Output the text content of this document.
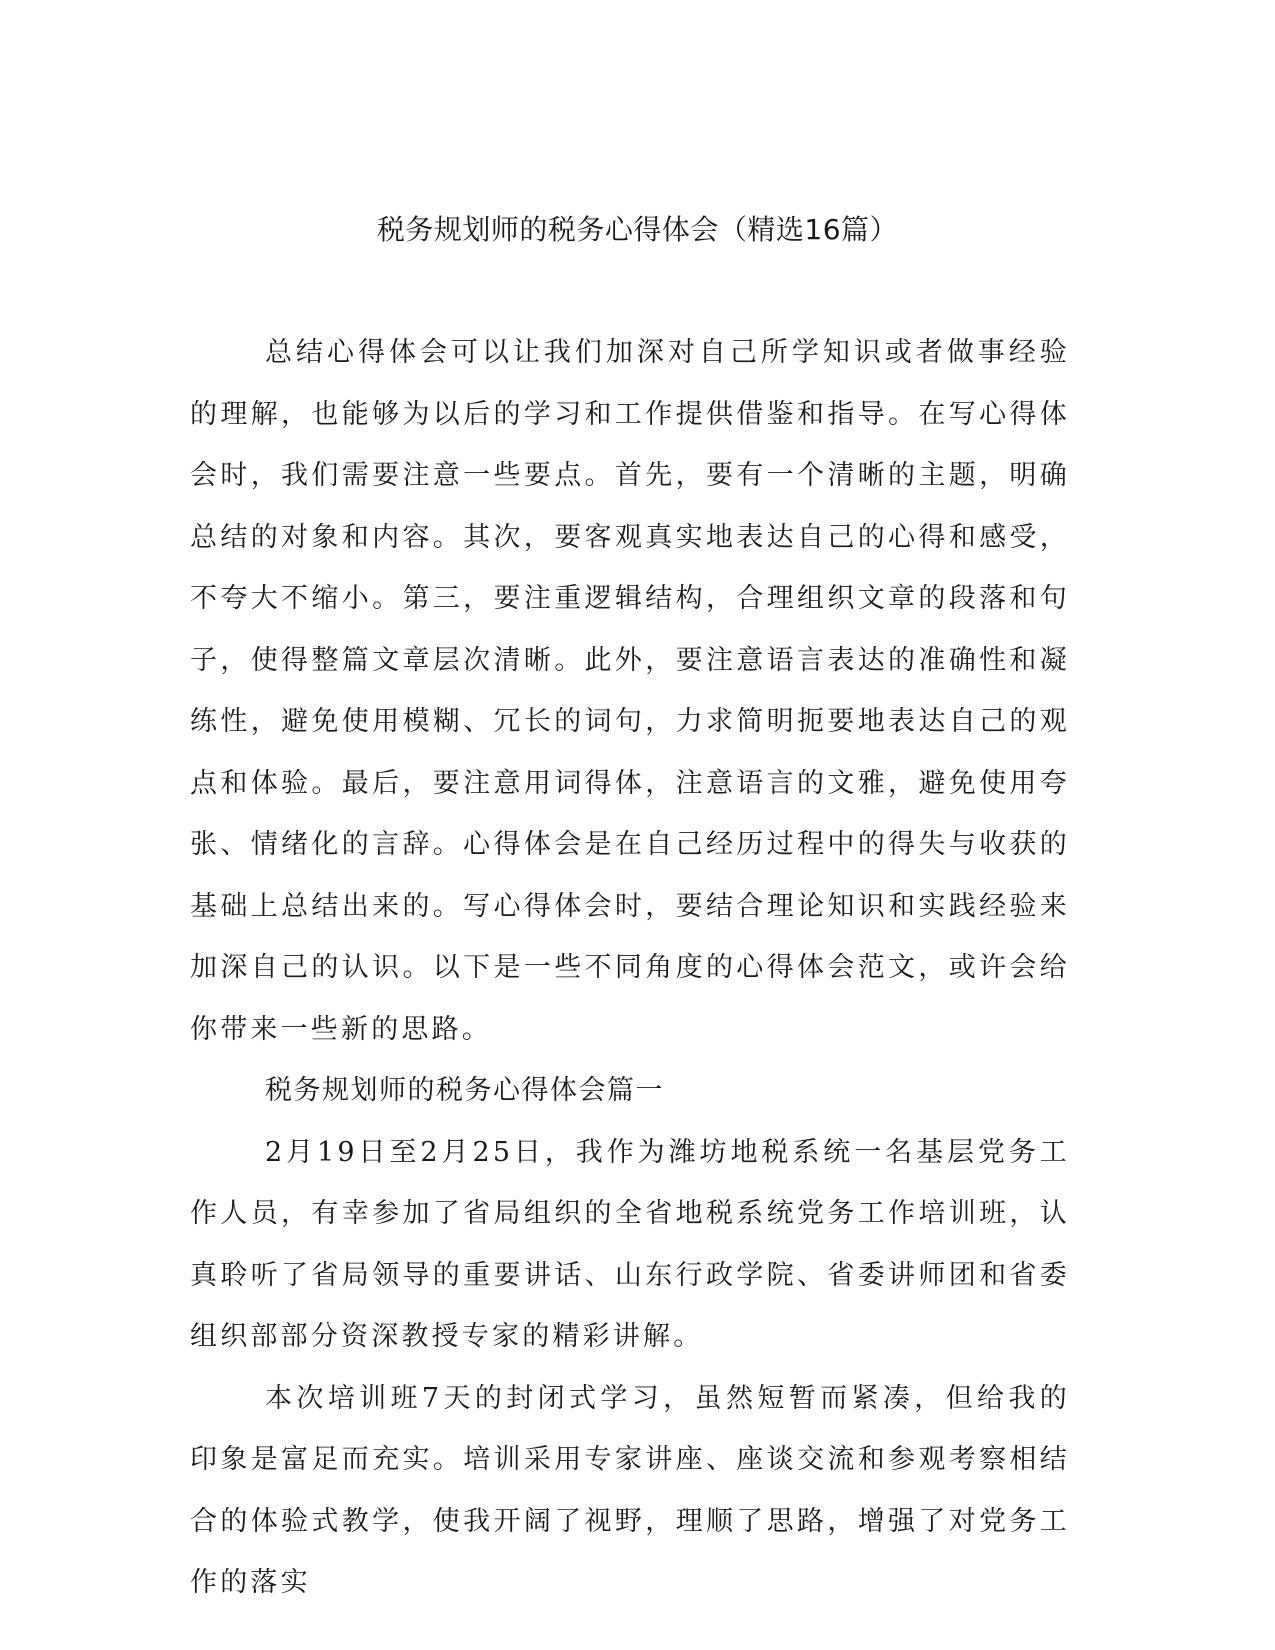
税务规划师的税务心得体会（精选16篇）

总结心得体会可以让我们加深对自己所学知识或者做事经验的理解，也能够为以后的学习和工作提供借鉴和指导。在写心得体会时，我们需要注意一些要点。首先，要有一个清晰的主题，明确总结的对象和内容。其次，要客观真实地表达自己的心得和感受，不夸大不缩小。第三，要注重逻辑结构，合理组织文章的段落和句子，使得整篇文章层次清晰。此外，要注意语言表达的准确性和凝练性，避免使用模糊、冗长的词句，力求简明扼要地表达自己的观点和体验。最后，要注意用词得体，注意语言的文雅，避免使用夸张、情绪化的言辞。心得体会是在自己经历过程中的得失与收获的基础上总结出来的。写心得体会时，要结合理论知识和实践经验来加深自己的认识。以下是一些不同角度的心得体会范文，或许会给你带来一些新的思路。

税务规划师的税务心得体会篇一

2月19日至2月25日，我作为潍坊地税系统一名基层党务工作人员，有幸参加了省局组织的全省地税系统党务工作培训班，认真聆听了省局领导的重要讲话、山东行政学院、省委讲师团和省委组织部部分资深教授专家的精彩讲解。

本次培训班7天的封闭式学习，虽然短暂而紧凑，但给我的印象是富足而充实。培训采用专家讲座、座谈交流和参观考察相结合的体验式教学，使我开阔了视野，理顺了思路，增强了对党务工作的落实
